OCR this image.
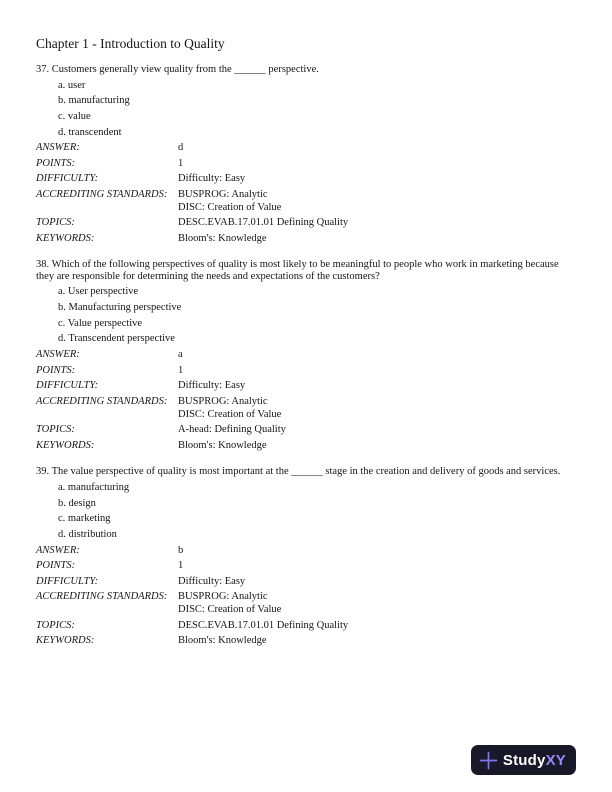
Chapter 1 - Introduction to Quality

37. Customers generally view quality from the ______ perspective.

a. user

b. manufacturing

c. value

d. transcendent

ANSWER:	d
POINTS:	1
DIFFICULTY:	Difficulty: Easy
ACCREDITING STANDARDS:	BUSPROG: Analytic
DISC: Creation of Value
TOPICS:	DESC.EVAB.17.01.01 Defining Quality
KEYWORDS:	Bloom's: Knowledge

38. Which of the following perspectives of quality is most likely to be meaningful to people who work in marketing because they are responsible for determining the needs and expectations of the customers?

a. User perspective

b. Manufacturing perspective

c. Value perspective

d. Transcendent perspective

ANSWER:	a
POINTS:	1
DIFFICULTY:	Difficulty: Easy
ACCREDITING STANDARDS:	BUSPROG: Analytic
DISC: Creation of Value
TOPICS:	A-head: Defining Quality
KEYWORDS:	Bloom's: Knowledge

39. The value perspective of quality is most important at the ______ stage in the creation and delivery of goods and services.

a. manufacturing

b. design

c. marketing

d. distribution

ANSWER:	b
POINTS:	1
DIFFICULTY:	Difficulty: Easy
ACCREDITING STANDARDS:	BUSPROG: Analytic
DISC: Creation of Value
TOPICS:	DESC.EVAB.17.01.01 Defining Quality
KEYWORDS:	Bloom's: Knowledge
Study XY
